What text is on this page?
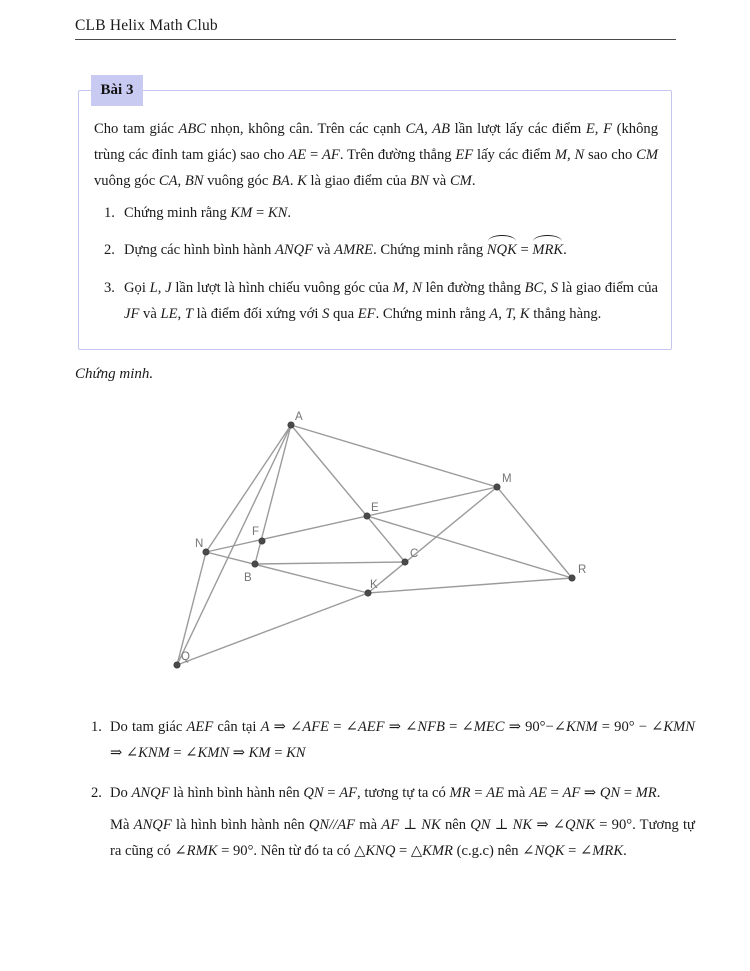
CLB Helix Math Club
Bài 3
Cho tam giác ABC nhọn, không cân. Trên các cạnh CA, AB lần lượt lấy các điểm E, F (không trùng các đỉnh tam giác) sao cho AE = AF. Trên đường thẳng EF lấy các điểm M, N sao cho CM vuông góc CA, BN vuông góc BA. K là giao điểm của BN và CM.
1. Chứng minh rằng KM = KN.
2. Dựng các hình bình hành ANQF và AMRE. Chứng minh rằng NQK = MRK.
3. Gọi L, J lần lượt là hình chiếu vuông góc của M, N lên đường thẳng BC, S là giao điểm của JF và LE, T là điểm đối xứng với S qua EF. Chứng minh rằng A, T, K thẳng hàng.
Chứng minh.
A
B
C
E
F
K
M
N
Q
R
1. Do tam giác AEF cân tại A ⇒ ∠AFE = ∠AEF ⇒ ∠NFB = ∠MEC ⇒ 90°−∠KNM = 90° − ∠KMN ⇒ ∠KNM = ∠KMN ⇒ KM = KN
2. Do ANQF là hình bình hành nên QN = AF, tương tự ta có MR = AE mà AE = AF ⇒ QN = MR.
Mà ANQF là hình bình hành nên QN//AF mà AF ⊥ NK nên QN ⊥ NK ⇒ ∠QNK = 90°. Tương tự ra cũng có ∠RMK = 90°. Nên từ đó ta có △KNQ = △KMR (c.g.c) nên ∠NQK = ∠MRK.
